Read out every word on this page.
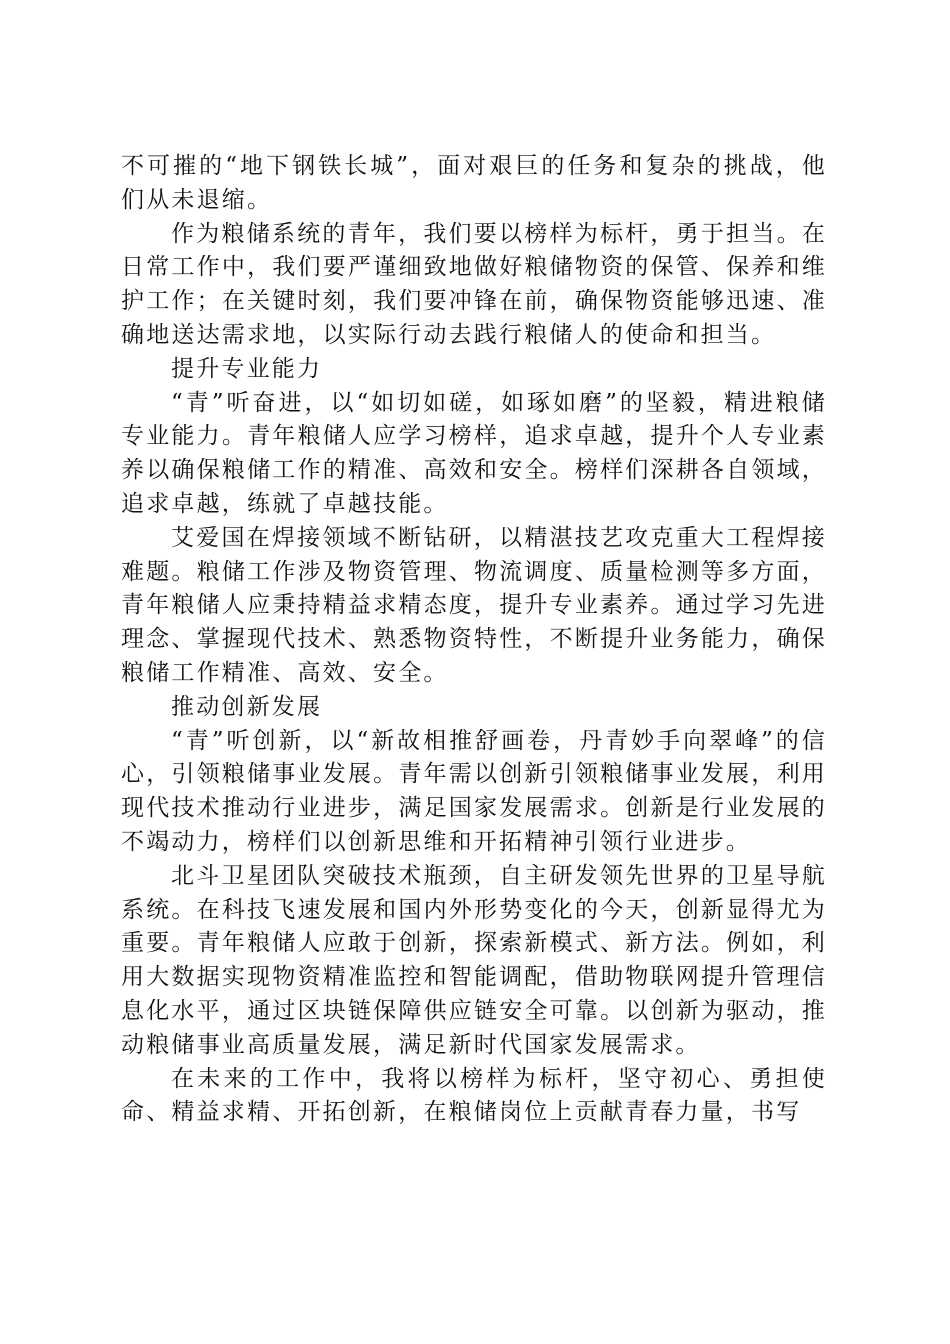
不可摧的“地下钢铁长城”，面对艰巨的任务和复杂的挑战，他们从未退缩。

作为粮储系统的青年，我们要以榜样为标杆，勇于担当。在日常工作中，我们要严谨细致地做好粮储物资的保管、保养和维护工作；在关键时刻，我们要冲锋在前，确保物资能够迅速、准确地送达需求地，以实际行动去践行粮储人的使命和担当。

提升专业能力

“青”听奋进，以“如切如磋，如琢如磨”的坚毅，精进粮储专业能力。青年粮储人应学习榜样，追求卓越，提升个人专业素养以确保粮储工作的精准、高效和安全。榜样们深耕各自领域，追求卓越，练就了卓越技能。

艾爱国在焊接领域不断钻研，以精湛技艺攻克重大工程焊接难题。粮储工作涉及物资管理、物流调度、质量检测等多方面，青年粮储人应秉持精益求精态度，提升专业素养。通过学习先进理念、掌握现代技术、熟悉物资特性，不断提升业务能力，确保粮储工作精准、高效、安全。

推动创新发展

“青”听创新，以“新故相推舒画卷，丹青妙手向翠峰”的信心，引领粮储事业发展。青年需以创新引领粮储事业发展，利用现代技术推动行业进步，满足国家发展需求。创新是行业发展的不竭动力，榜样们以创新思维和开拓精神引领行业进步。

北斗卫星团队突破技术瓶颈，自主研发领先世界的卫星导航系统。在科技飞速发展和国内外形势变化的今天，创新显得尤为重要。青年粮储人应敢于创新，探索新模式、新方法。例如，利用大数据实现物资精准监控和智能调配，借助物联网提升管理信息化水平，通过区块链保障供应链安全可靠。以创新为驱动，推动粮储事业高质量发展，满足新时代国家发展需求。

在未来的工作中，我将以榜样为标杆，坚守初心、勇担使命、精益求精、开拓创新，在粮储岗位上贡献青春力量，书写
